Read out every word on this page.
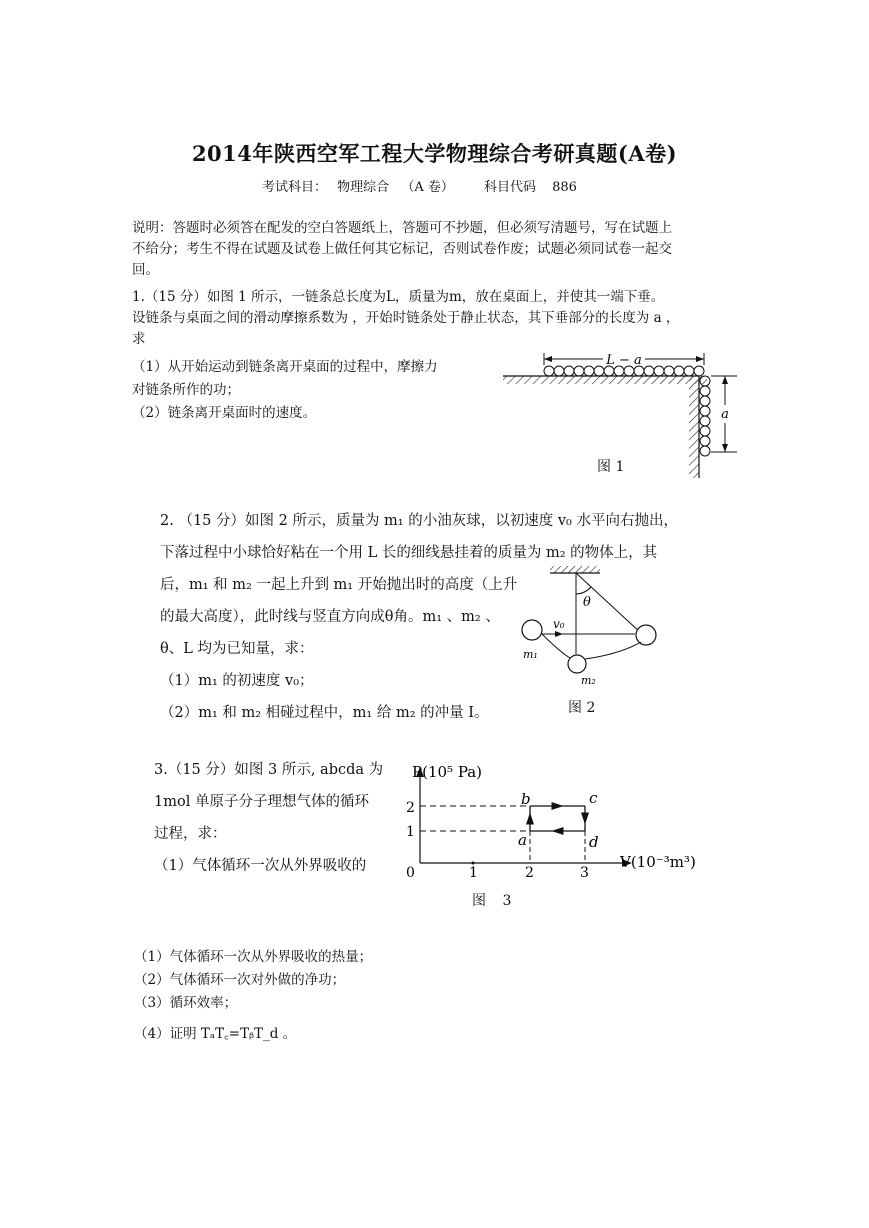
2014年陕西空军工程大学物理综合考研真题(A卷)
考试科目： 物理综合 （A 卷） 科目代码 886
说明：答题时必须答在配发的空白答题纸上，答题可不抄题，但必须写清题号，写在试题上
不给分；考生不得在试题及试卷上做任何其它标记，否则试卷作废；试题必须同试卷一起交
回。
1.（15 分）如图 1 所示，一链条总长度为L，质量为m，放在桌面上，并使其一端下垂。
设链条与桌面之间的滑动摩擦系数为 ，开始时链条处于静止状态，其下垂部分的长度为 a ，
求
（1）从开始运动到链条离开桌面的过程中，摩擦力
对链条所作的功；
（2）链条离开桌面时的速度。
L − a
a
图 1
2. （15 分）如图 2 所示，质量为 m₁ 的小油灰球，以初速度 v₀ 水平向右抛出，
下落过程中小球恰好粘在一个用 L 长的细线悬挂着的质量为 m₂ 的物体上，其
后，m₁ 和 m₂ 一起上升到 m₁ 开始抛出时的高度（上升
的最大高度），此时线与竖直方向成θ角。m₁ 、m₂ 、
θ、L 均为已知量，求：
（1）m₁ 的初速度 v₀；
（2）m₁ 和 m₂ 相碰过程中，m₁ 给 m₂ 的冲量 I。
θ
v₀
m₁
m₂
图 2
3.（15 分）如图 3 所示, abcda 为
1mol 单原子分子理想气体的循环
过程，求：
（1）气体循环一次从外界吸收的
P(10⁵ Pa)
V(10⁻³m³)
2
1
0	1	2	3
b	c
a	d
图 3
（1）气体循环一次从外界吸收的热量；
（2）气体循环一次对外做的净功；
（3）循环效率；
（4）证明 TₐT꜀=TᵦT_d 。
